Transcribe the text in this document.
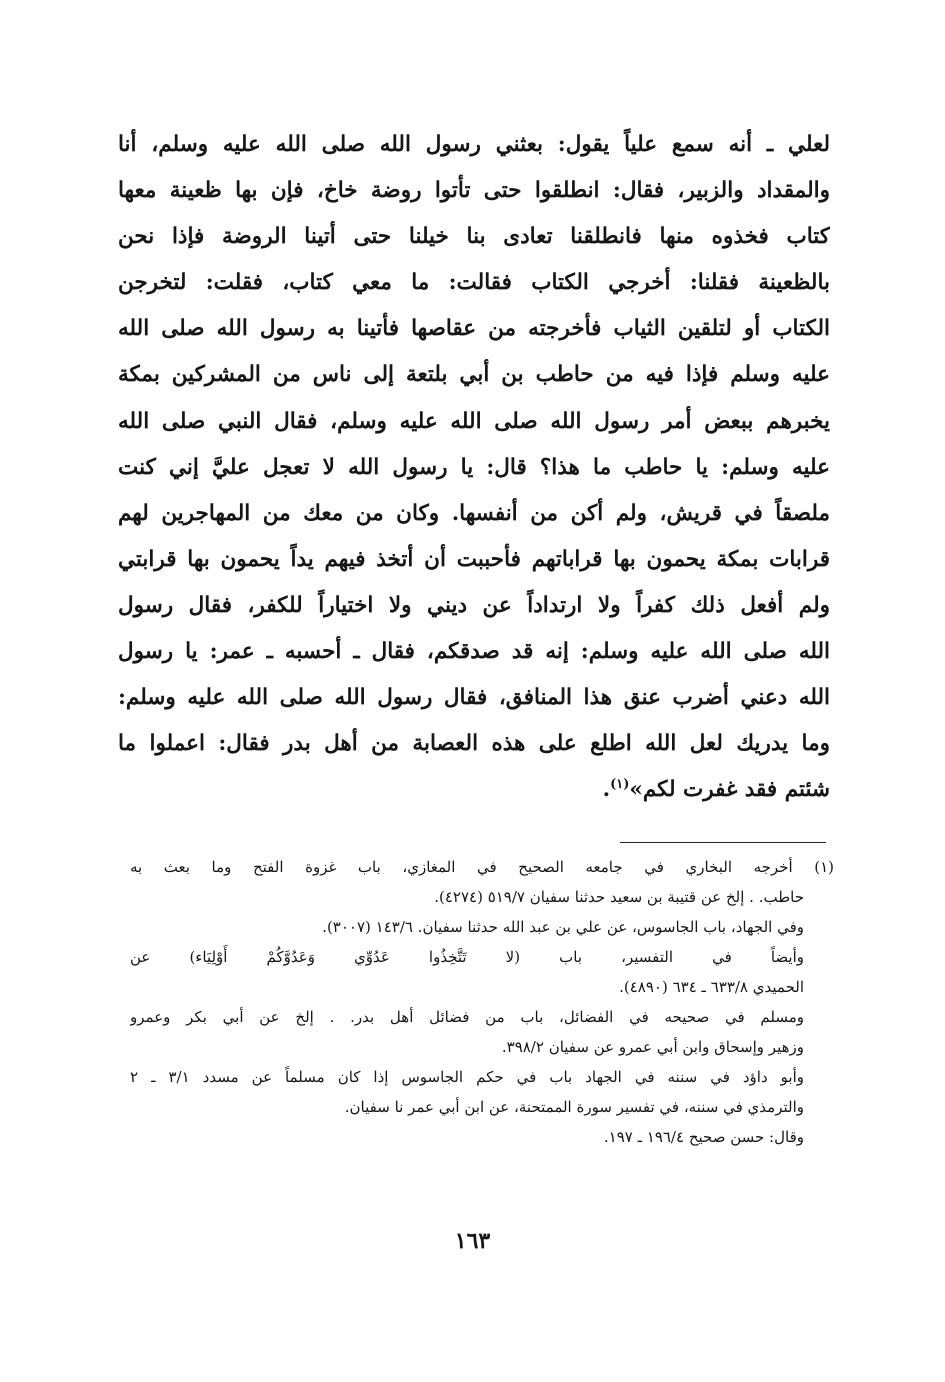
لعلي ـ أنه سمع علياً يقول: بعثني رسول الله صلى الله عليه وسلم، أنا
والمقداد والزبير، فقال: انطلقوا حتى تأتوا روضة خاخ، فإن بها ظعينة معها
كتاب فخذوه منها فانطلقنا تعادى بنا خيلنا حتى أتينا الروضة فإذا نحن
بالظعينة فقلنا: أخرجي الكتاب فقالت: ما معي كتاب، فقلت: لتخرجن
الكتاب أو لتلقين الثياب فأخرجته من عقاصها فأتينا به رسول الله صلى الله
عليه وسلم فإذا فيه من حاطب بن أبي بلتعة إلى ناس من المشركين بمكة
يخبرهم ببعض أمر رسول الله صلى الله عليه وسلم، فقال النبي صلى الله
عليه وسلم: يا حاطب ما هذا؟ قال: يا رسول الله لا تعجل عليَّ إني كنت
ملصقاً في قريش، ولم أكن من أنفسها. وكان من معك من المهاجرين لهم
قرابات بمكة يحمون بها قراباتهم فأحببت أن أتخذ فيهم يداً يحمون بها قرابتي
ولم أفعل ذلك كفراً ولا ارتداداً عن ديني ولا اختياراً للكفر، فقال رسول
الله صلى الله عليه وسلم: إنه قد صدقكم، فقال ـ أحسبه ـ عمر: يا رسول
الله دعني أضرب عنق هذا المنافق، فقال رسول الله صلى الله عليه وسلم:
وما يدريك لعل الله اطلع على هذه العصابة من أهل بدر فقال: اعملوا ما
شئتم فقد غفرت لكم»$^{(١)}$.
(١) أخرجه البخاري في جامعه الصحيح في المغازي، باب غزوة الفتح وما بعث به
حاطب. . إلخ عن قتيبة بن سعيد حدثنا سفيان ٥١٩/٧ (٤٢٧٤).
وفي الجهاد، باب الجاسوس، عن علي بن عبد الله حدثنا سفيان. ١٤٣/٦ (٣٠٠٧).
وأيضاً في التفسير، باب (لا تَتَّخِذُوا عَدُوِّي وَعَدُوَّكُمْ أَوْلِيَاء) عن
الحميدي ٦٣٣/٨ ـ ٦٣٤ (٤٨٩٠).
ومسلم في صحيحه في الفضائل، باب من فضائل أهل بدر. . إلخ عن أبي بكر وعمرو
وزهير وإسحاق وابن أبي عمرو عن سفيان ٣٩٨/٢.
وأبو داؤد في سننه في الجهاد باب في حكم الجاسوس إذا كان مسلماً عن مسدد ٣/١ ـ ٢
والترمذي في سننه، في تفسير سورة الممتحنة، عن ابن أبي عمر نا سفيان.
وقال: حسن صحيح ١٩٦/٤ ـ ١٩٧.
١٦٣
